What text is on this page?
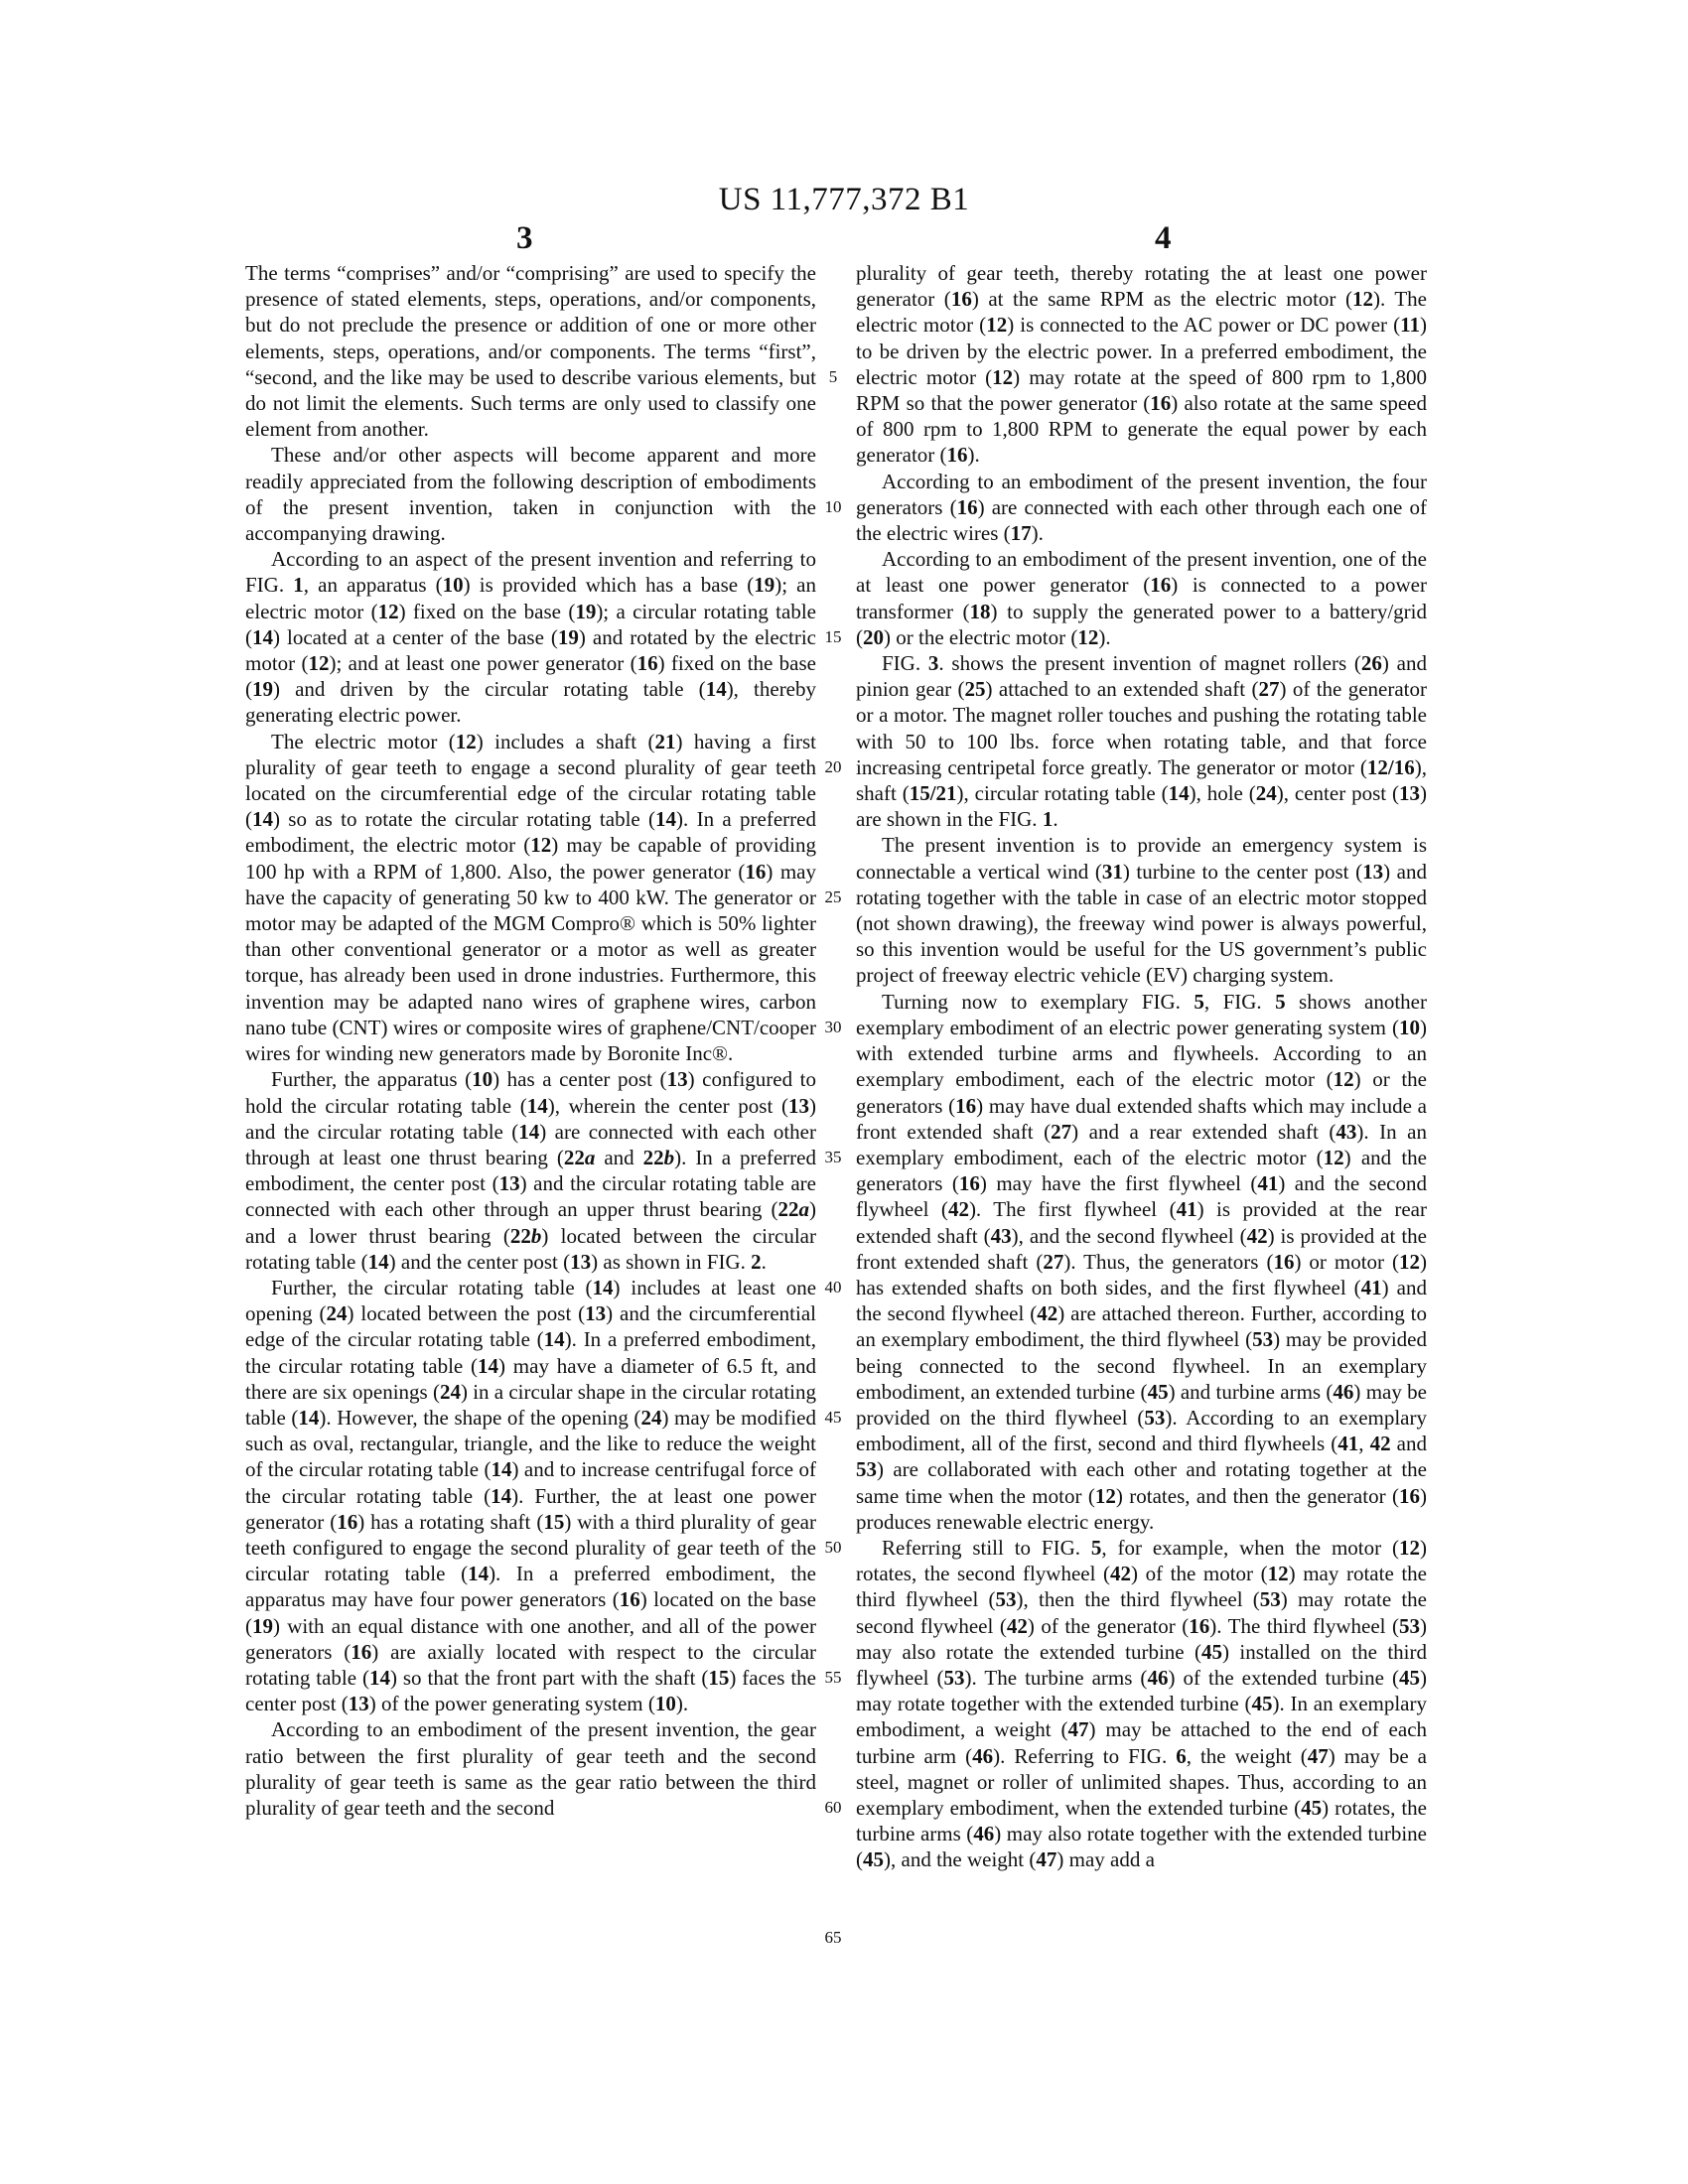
US 11,777,372 B1
3	4

The terms “comprises” and/or “comprising” are used to specify the presence of stated elements, steps, operations, and/or components, but do not preclude the presence or addition of one or more other elements, steps, operations, and/or components. The terms “first”, “second, and the like may be used to describe various elements, but do not limit the elements. Such terms are only used to classify one element from another.

These and/or other aspects will become apparent and more readily appreciated from the following description of embodiments of the present invention, taken in conjunction with the accompanying drawing.

According to an aspect of the present invention and referring to FIG. 1, an apparatus (10) is provided which has a base (19); an electric motor (12) fixed on the base (19); a circular rotating table (14) located at a center of the base (19) and rotated by the electric motor (12); and at least one power generator (16) fixed on the base (19) and driven by the circular rotating table (14), thereby generating electric power.

The electric motor (12) includes a shaft (21) having a first plurality of gear teeth to engage a second plurality of gear teeth located on the circumferential edge of the circular rotating table (14) so as to rotate the circular rotating table (14). In a preferred embodiment, the electric motor (12) may be capable of providing 100 hp with a RPM of 1,800. Also, the power generator (16) may have the capacity of generating 50 kw to 400 kW. The generator or motor may be adapted of the MGM Compro® which is 50% lighter than other conventional generator or a motor as well as greater torque, has already been used in drone industries. Furthermore, this invention may be adapted nano wires of graphene wires, carbon nano tube (CNT) wires or composite wires of graphene/CNT/cooper wires for winding new generators made by Boronite Inc®.

Further, the apparatus (10) has a center post (13) configured to hold the circular rotating table (14), wherein the center post (13) and the circular rotating table (14) are connected with each other through at least one thrust bearing (22a and 22b). In a preferred embodiment, the center post (13) and the circular rotating table are connected with each other through an upper thrust bearing (22a) and a lower thrust bearing (22b) located between the circular rotating table (14) and the center post (13) as shown in FIG. 2.

Further, the circular rotating table (14) includes at least one opening (24) located between the post (13) and the circumferential edge of the circular rotating table (14). In a preferred embodiment, the circular rotating table (14) may have a diameter of 6.5 ft, and there are six openings (24) in a circular shape in the circular rotating table (14). However, the shape of the opening (24) may be modified such as oval, rectangular, triangle, and the like to reduce the weight of the circular rotating table (14) and to increase centrifugal force of the circular rotating table (14). Further, the at least one power generator (16) has a rotating shaft (15) with a third plurality of gear teeth configured to engage the second plurality of gear teeth of the circular rotating table (14). In a preferred embodiment, the apparatus may have four power generators (16) located on the base (19) with an equal distance with one another, and all of the power generators (16) are axially located with respect to the circular rotating table (14) so that the front part with the shaft (15) faces the center post (13) of the power generating system (10).

According to an embodiment of the present invention, the gear ratio between the first plurality of gear teeth and the second plurality of gear teeth is same as the gear ratio between the third plurality of gear teeth and the second

plurality of gear teeth, thereby rotating the at least one power generator (16) at the same RPM as the electric motor (12). The electric motor (12) is connected to the AC power or DC power (11) to be driven by the electric power. In a preferred embodiment, the electric motor (12) may rotate at the speed of 800 rpm to 1,800 RPM so that the power generator (16) also rotate at the same speed of 800 rpm to 1,800 RPM to generate the equal power by each generator (16).

According to an embodiment of the present invention, the four generators (16) are connected with each other through each one of the electric wires (17).

According to an embodiment of the present invention, one of the at least one power generator (16) is connected to a power transformer (18) to supply the generated power to a battery/grid (20) or the electric motor (12).

FIG. 3. shows the present invention of magnet rollers (26) and pinion gear (25) attached to an extended shaft (27) of the generator or a motor. The magnet roller touches and pushing the rotating table with 50 to 100 lbs. force when rotating table, and that force increasing centripetal force greatly. The generator or motor (12/16), shaft (15/21), circular rotating table (14), hole (24), center post (13) are shown in the FIG. 1.

The present invention is to provide an emergency system is connectable a vertical wind (31) turbine to the center post (13) and rotating together with the table in case of an electric motor stopped (not shown drawing), the freeway wind power is always powerful, so this invention would be useful for the US government’s public project of freeway electric vehicle (EV) charging system.

Turning now to exemplary FIG. 5, FIG. 5 shows another exemplary embodiment of an electric power generating system (10) with extended turbine arms and flywheels. According to an exemplary embodiment, each of the electric motor (12) or the generators (16) may have dual extended shafts which may include a front extended shaft (27) and a rear extended shaft (43). In an exemplary embodiment, each of the electric motor (12) and the generators (16) may have the first flywheel (41) and the second flywheel (42). The first flywheel (41) is provided at the rear extended shaft (43), and the second flywheel (42) is provided at the front extended shaft (27). Thus, the generators (16) or motor (12) has extended shafts on both sides, and the first flywheel (41) and the second flywheel (42) are attached thereon. Further, according to an exemplary embodiment, the third flywheel (53) may be provided being connected to the second flywheel. In an exemplary embodiment, an extended turbine (45) and turbine arms (46) may be provided on the third flywheel (53). According to an exemplary embodiment, all of the first, second and third flywheels (41, 42 and 53) are collaborated with each other and rotating together at the same time when the motor (12) rotates, and then the generator (16) produces renewable electric energy.

Referring still to FIG. 5, for example, when the motor (12) rotates, the second flywheel (42) of the motor (12) may rotate the third flywheel (53), then the third flywheel (53) may rotate the second flywheel (42) of the generator (16). The third flywheel (53) may also rotate the extended turbine (45) installed on the third flywheel (53). The turbine arms (46) of the extended turbine (45) may rotate together with the extended turbine (45). In an exemplary embodiment, a weight (47) may be attached to the end of each turbine arm (46). Referring to FIG. 6, the weight (47) may be a steel, magnet or roller of unlimited shapes. Thus, according to an exemplary embodiment, when the extended turbine (45) rotates, the turbine arms (46) may also rotate together with the extended turbine (45), and the weight (47) may add a

5
10
15
20
25
30
35
40
45
50
55
60
65
